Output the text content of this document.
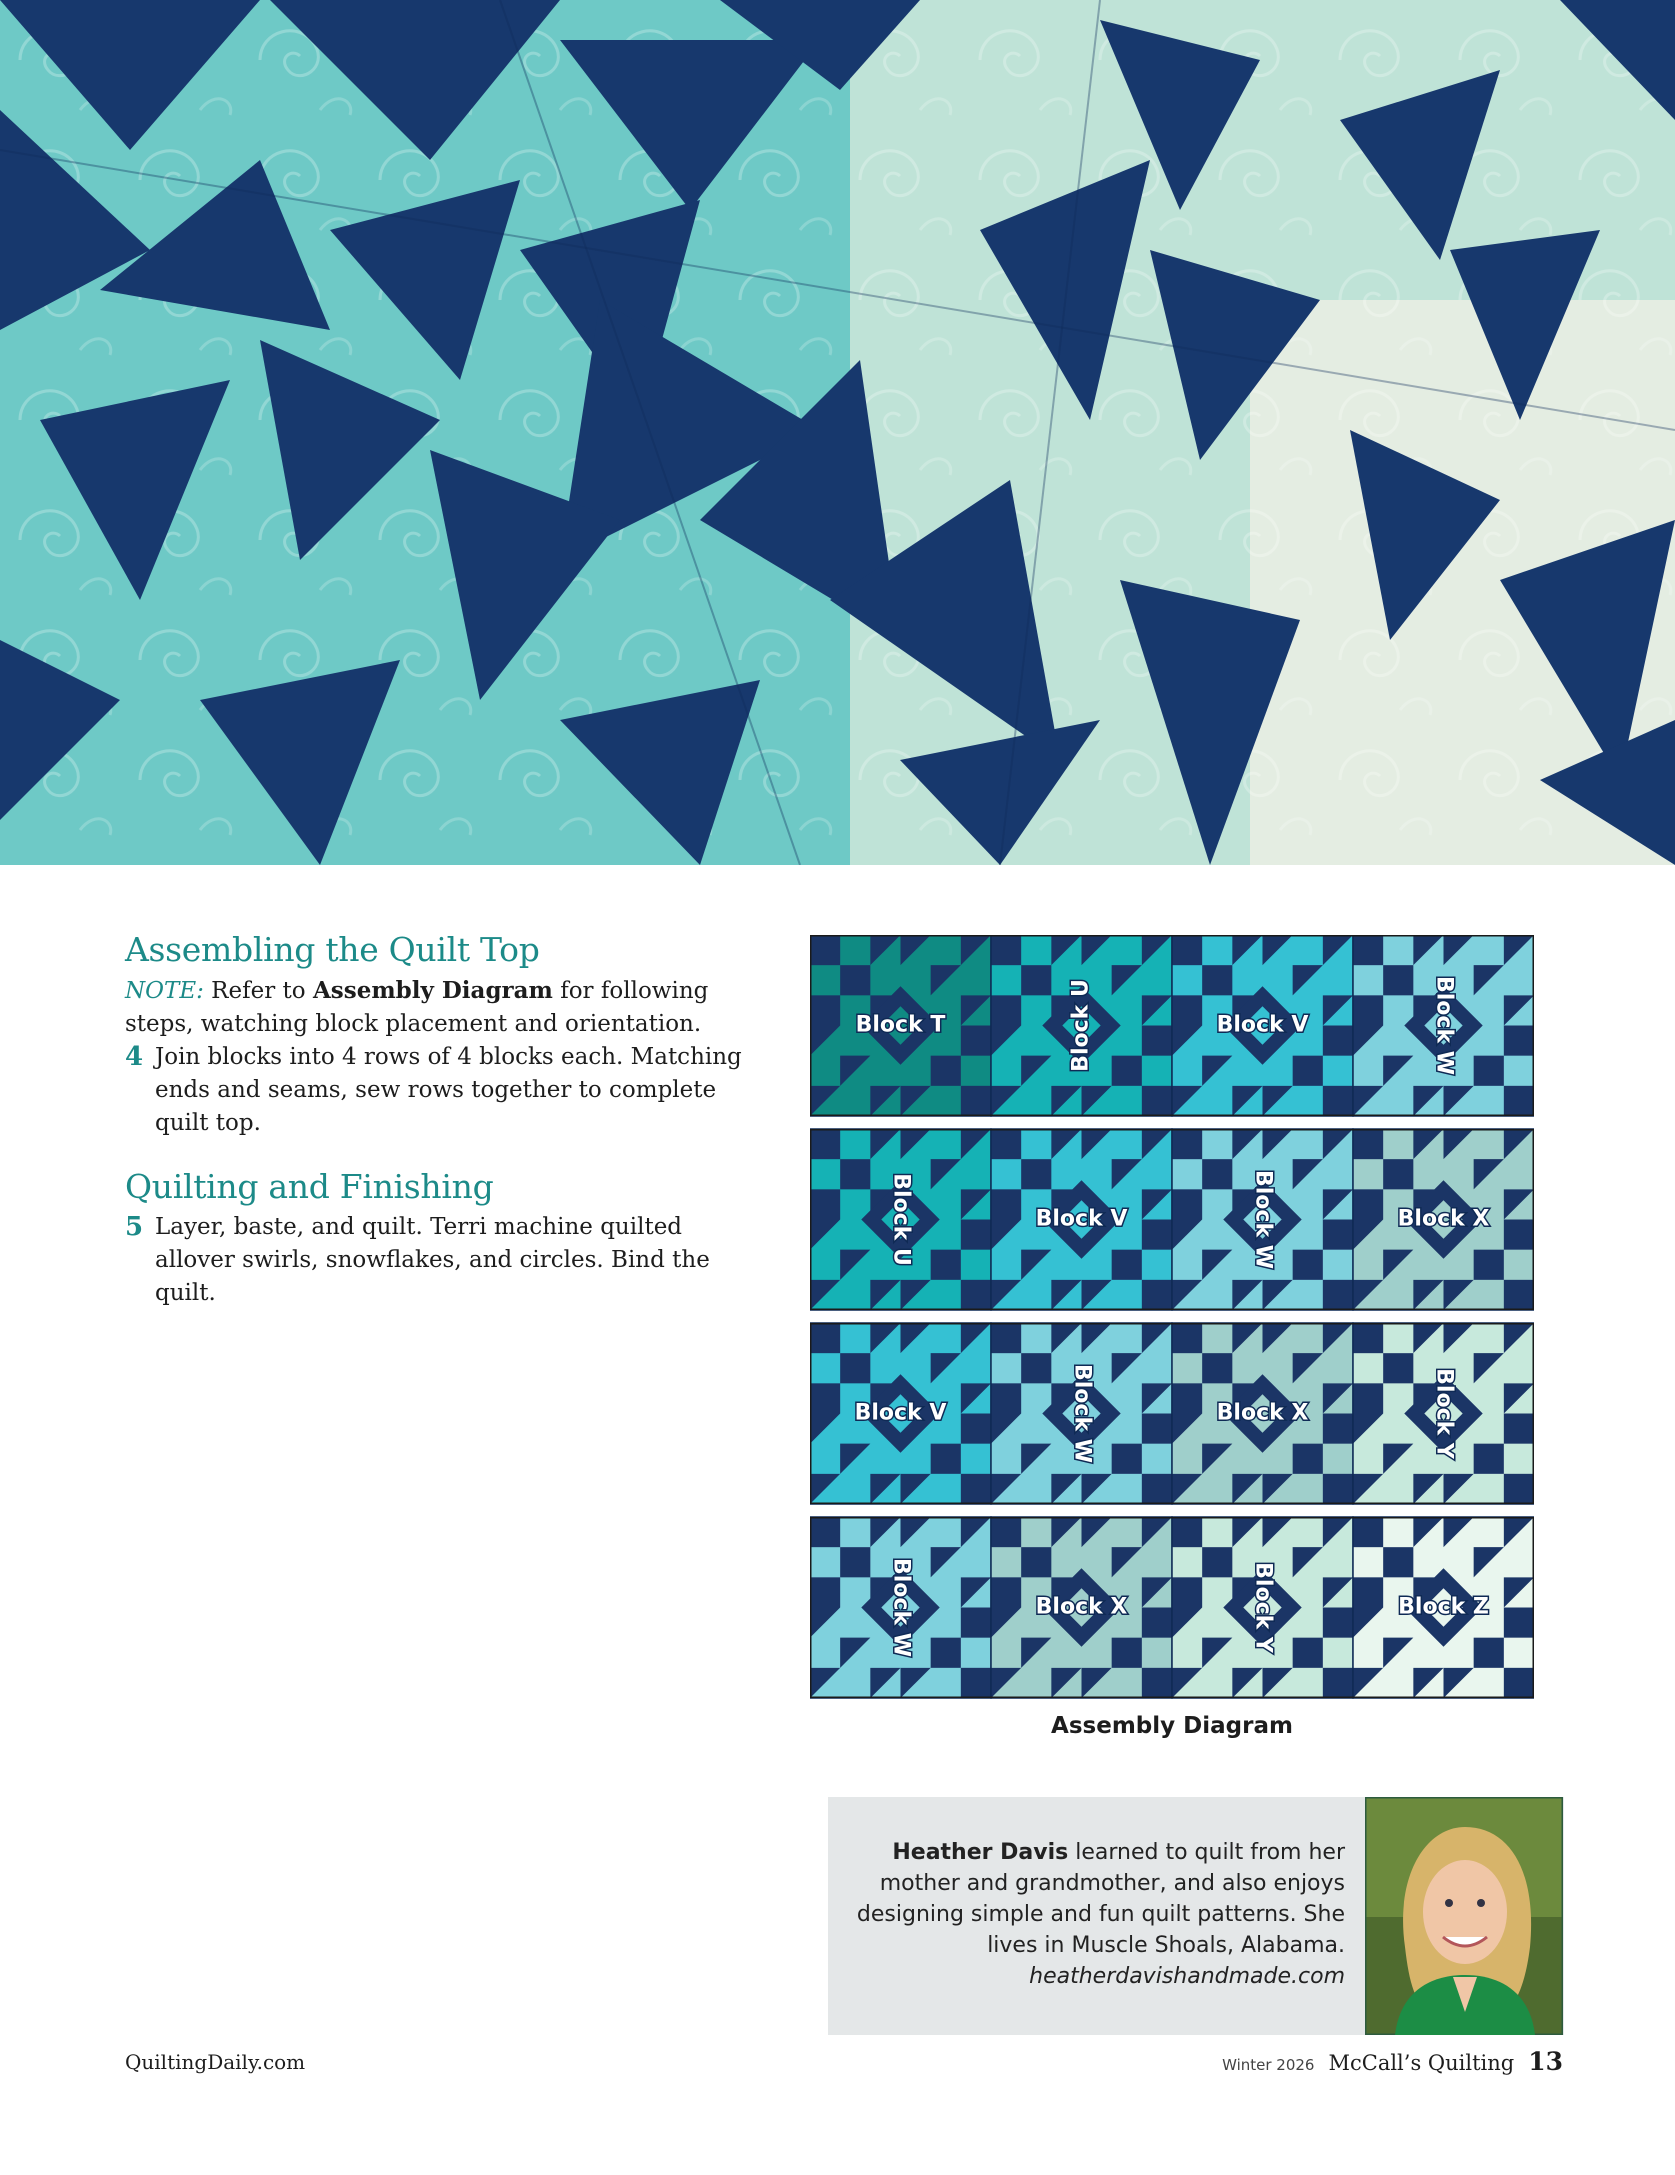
Assembling the Quilt Top
NOTE: Refer to Assembly Diagram for following steps, watching block placement and orientation.
4 Join blocks into 4 rows of 4 blocks each. Matching ends and seams, sew rows together to complete quilt top.
Quilting and Finishing
5 Layer, baste, and quilt. Terri machine quilted allover swirls, snowflakes, and circles. Bind the quilt.
Block T	Block U	Block V	Block W
Block U	Block V	Block W	Block X
Block V	Block W	Block X	Block Y
Block W	Block X	Block Y	Block Z
Assembly Diagram
Heather Davis learned to quilt from her mother and grandmother, and also enjoys designing simple and fun quilt patterns. She lives in Muscle Shoals, Alabama.
heatherdavishandmade.com
QuiltingDaily.com	Winter 2026 McCall’s Quilting 13
